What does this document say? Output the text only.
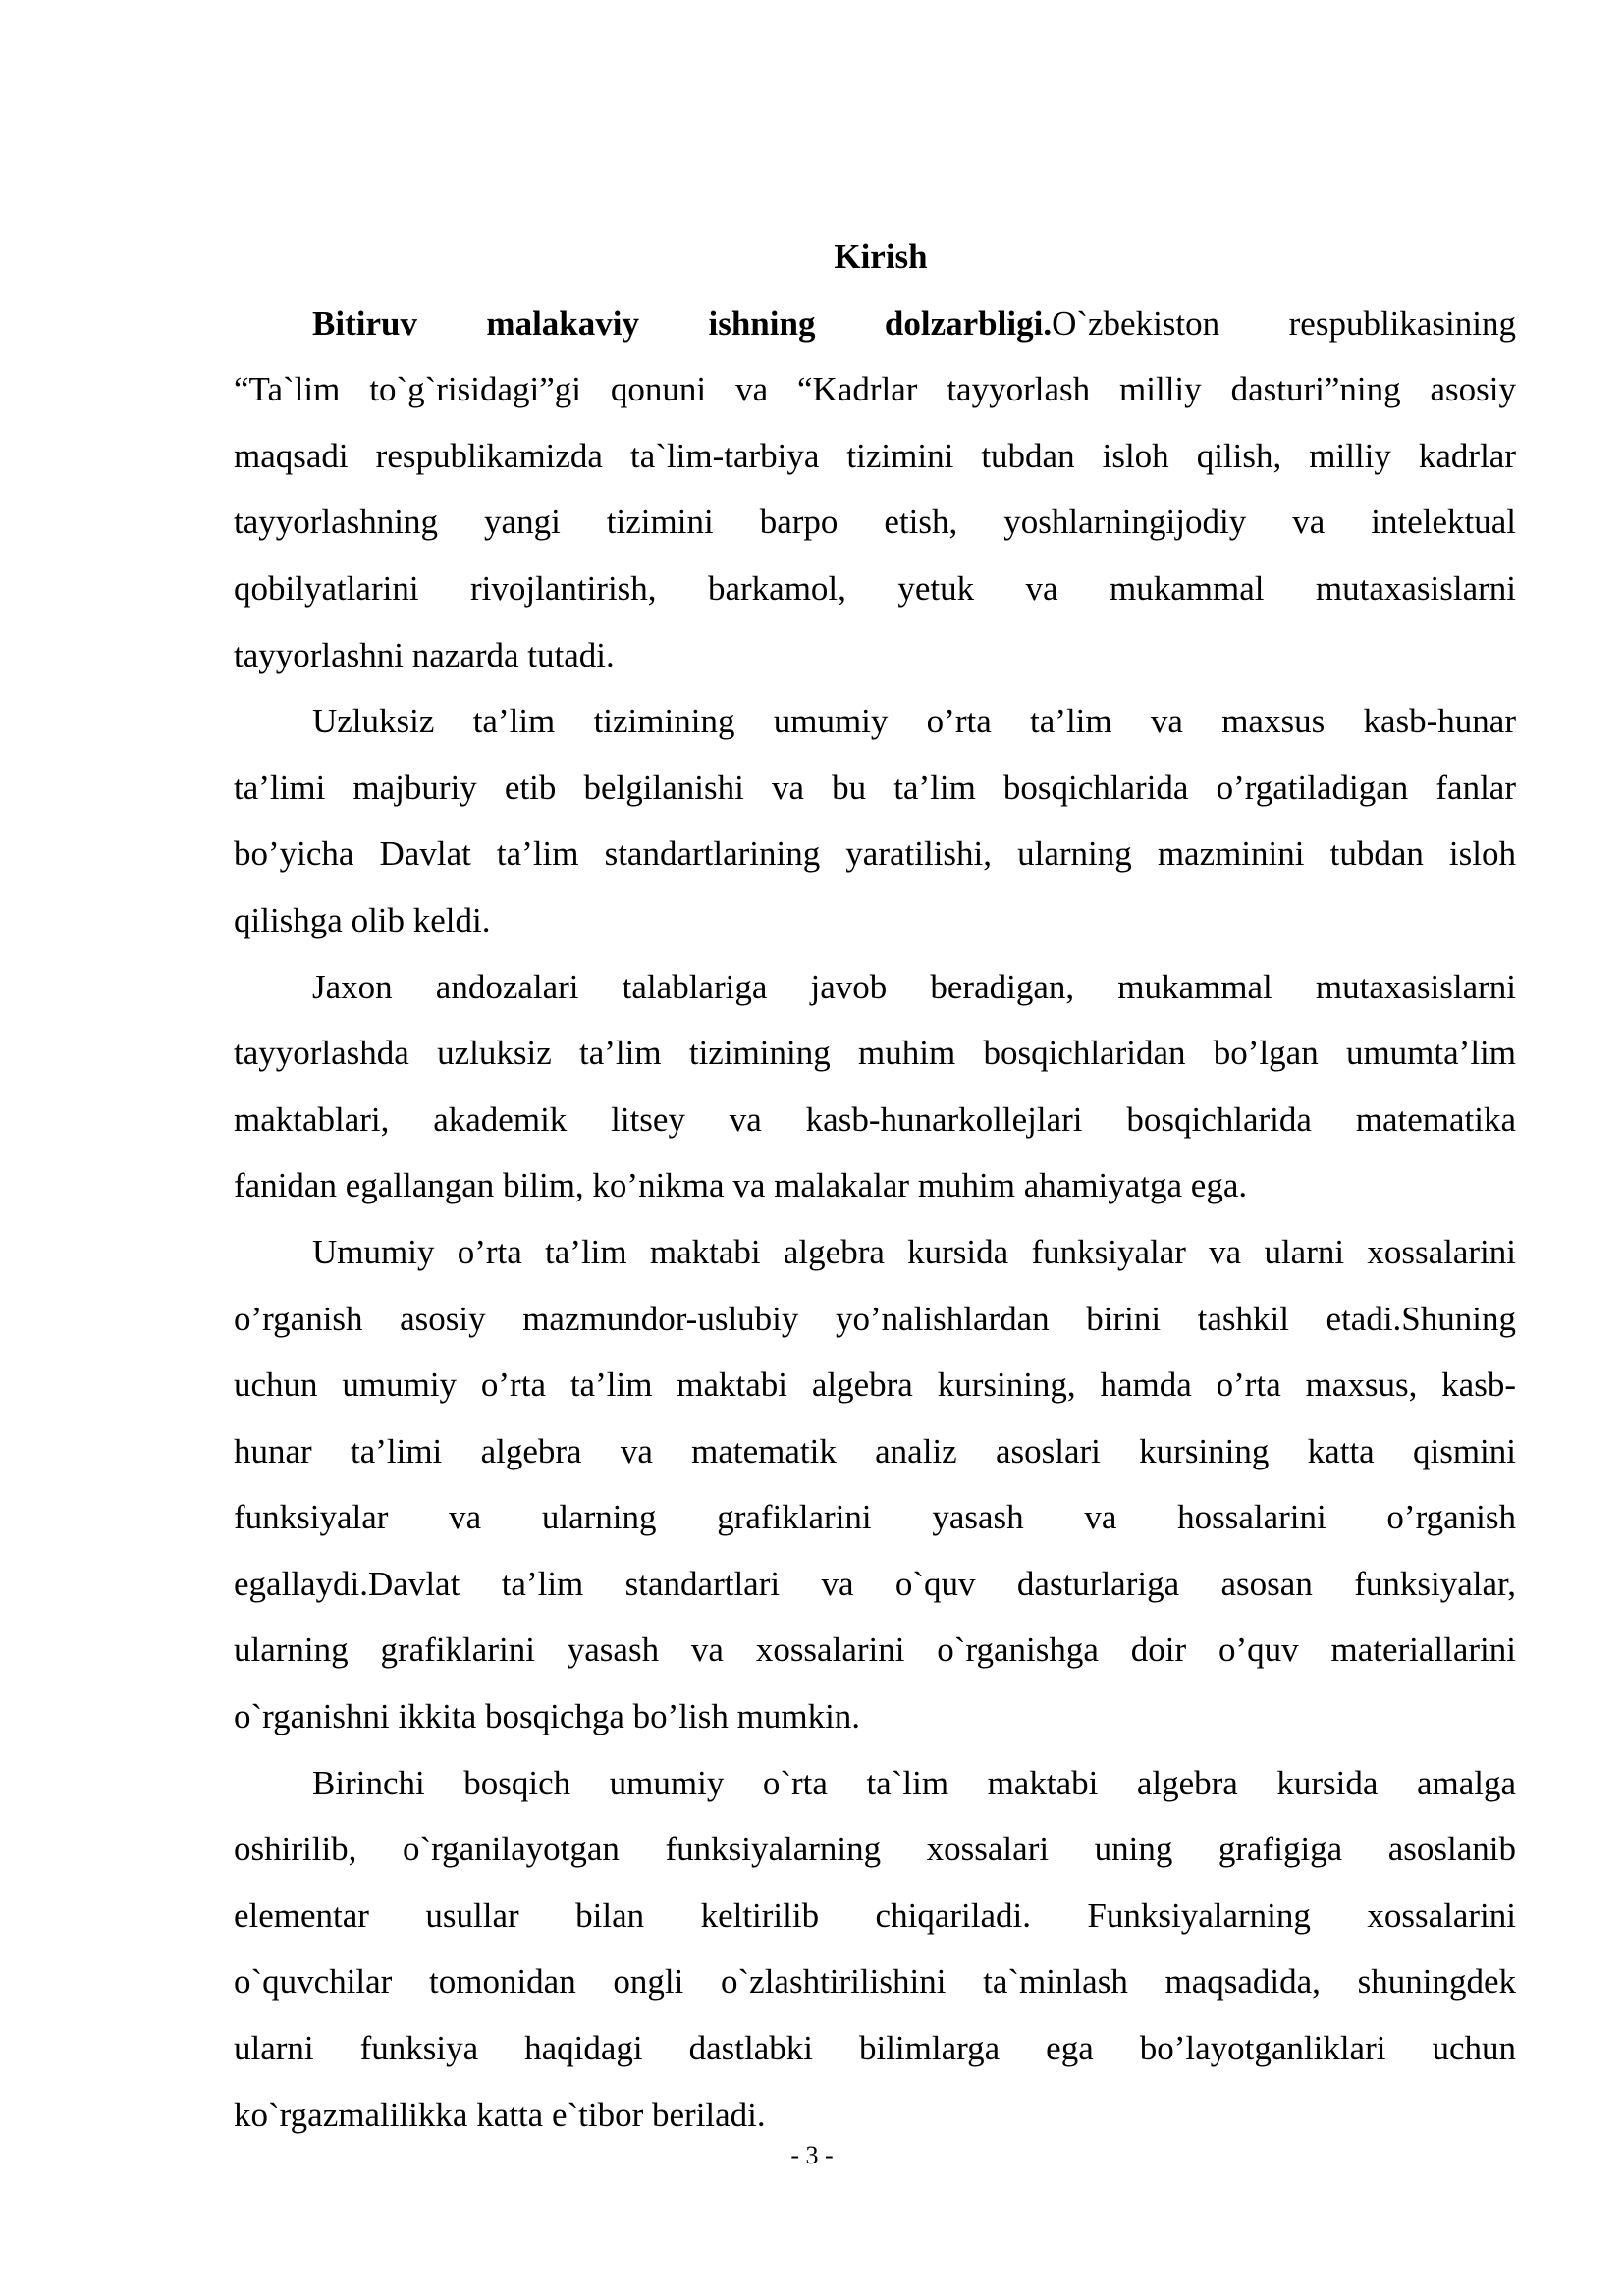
Kirish
Bitiruv malakaviy ishning dolzarbligi.O`zbekiston respublikasining
“Ta`lim to`g`risidagi”gi qonuni va “Kadrlar tayyorlash milliy dasturi”ning asosiy
maqsadi respublikamizda ta`lim-tarbiya tizimini tubdan isloh qilish, milliy kadrlar
tayyorlashning yangi tizimini barpo etish, yoshlarningijodiy va intelektual
qobilyatlarini rivojlantirish, barkamol, yetuk va mukammal mutaxasislarni
tayyorlashni nazarda tutadi.
Uzluksiz ta’lim tizimining umumiy o’rta ta’lim va maxsus kasb-hunar
ta’limi majburiy etib belgilanishi va bu ta’lim bosqichlarida o’rgatiladigan fanlar
bo’yicha Davlat ta’lim standartlarining yaratilishi, ularning mazminini tubdan isloh
qilishga olib keldi.
Jaxon andozalari talablariga javob beradigan, mukammal mutaxasislarni
tayyorlashda uzluksiz ta’lim tizimining muhim bosqichlaridan bo’lgan umumta’lim
maktablari, akademik litsey va kasb-hunarkollejlari bosqichlarida matematika
fanidan egallangan bilim, ko’nikma va malakalar muhim ahamiyatga ega.
Umumiy o’rta ta’lim maktabi algebra kursida funksiyalar va ularni xossalarini
o’rganish asosiy mazmundor-uslubiy yo’nalishlardan birini tashkil etadi.Shuning
uchun umumiy o’rta ta’lim maktabi algebra kursining, hamda o’rta maxsus, kasb-
hunar ta’limi algebra va matematik analiz asoslari kursining katta qismini
funksiyalar va ularning grafiklarini yasash va hossalarini o’rganish
egallaydi.Davlat ta’lim standartlari va o`quv dasturlariga asosan funksiyalar,
ularning grafiklarini yasash va xossalarini o`rganishga doir o’quv materiallarini
o`rganishni ikkita bosqichga bo’lish mumkin.
Birinchi bosqich umumiy o`rta ta`lim maktabi algebra kursida amalga
oshirilib, o`rganilayotgan funksiyalarning xossalari uning grafigiga asoslanib
elementar usullar bilan keltirilib chiqariladi. Funksiyalarning xossalarini
o`quvchilar tomonidan ongli o`zlashtirilishini ta`minlash maqsadida, shuningdek
ularni funksiya haqidagi dastlabki bilimlarga ega bo’layotganliklari uchun
ko`rgazmalilikka katta e`tibor beriladi.
- 3 -
